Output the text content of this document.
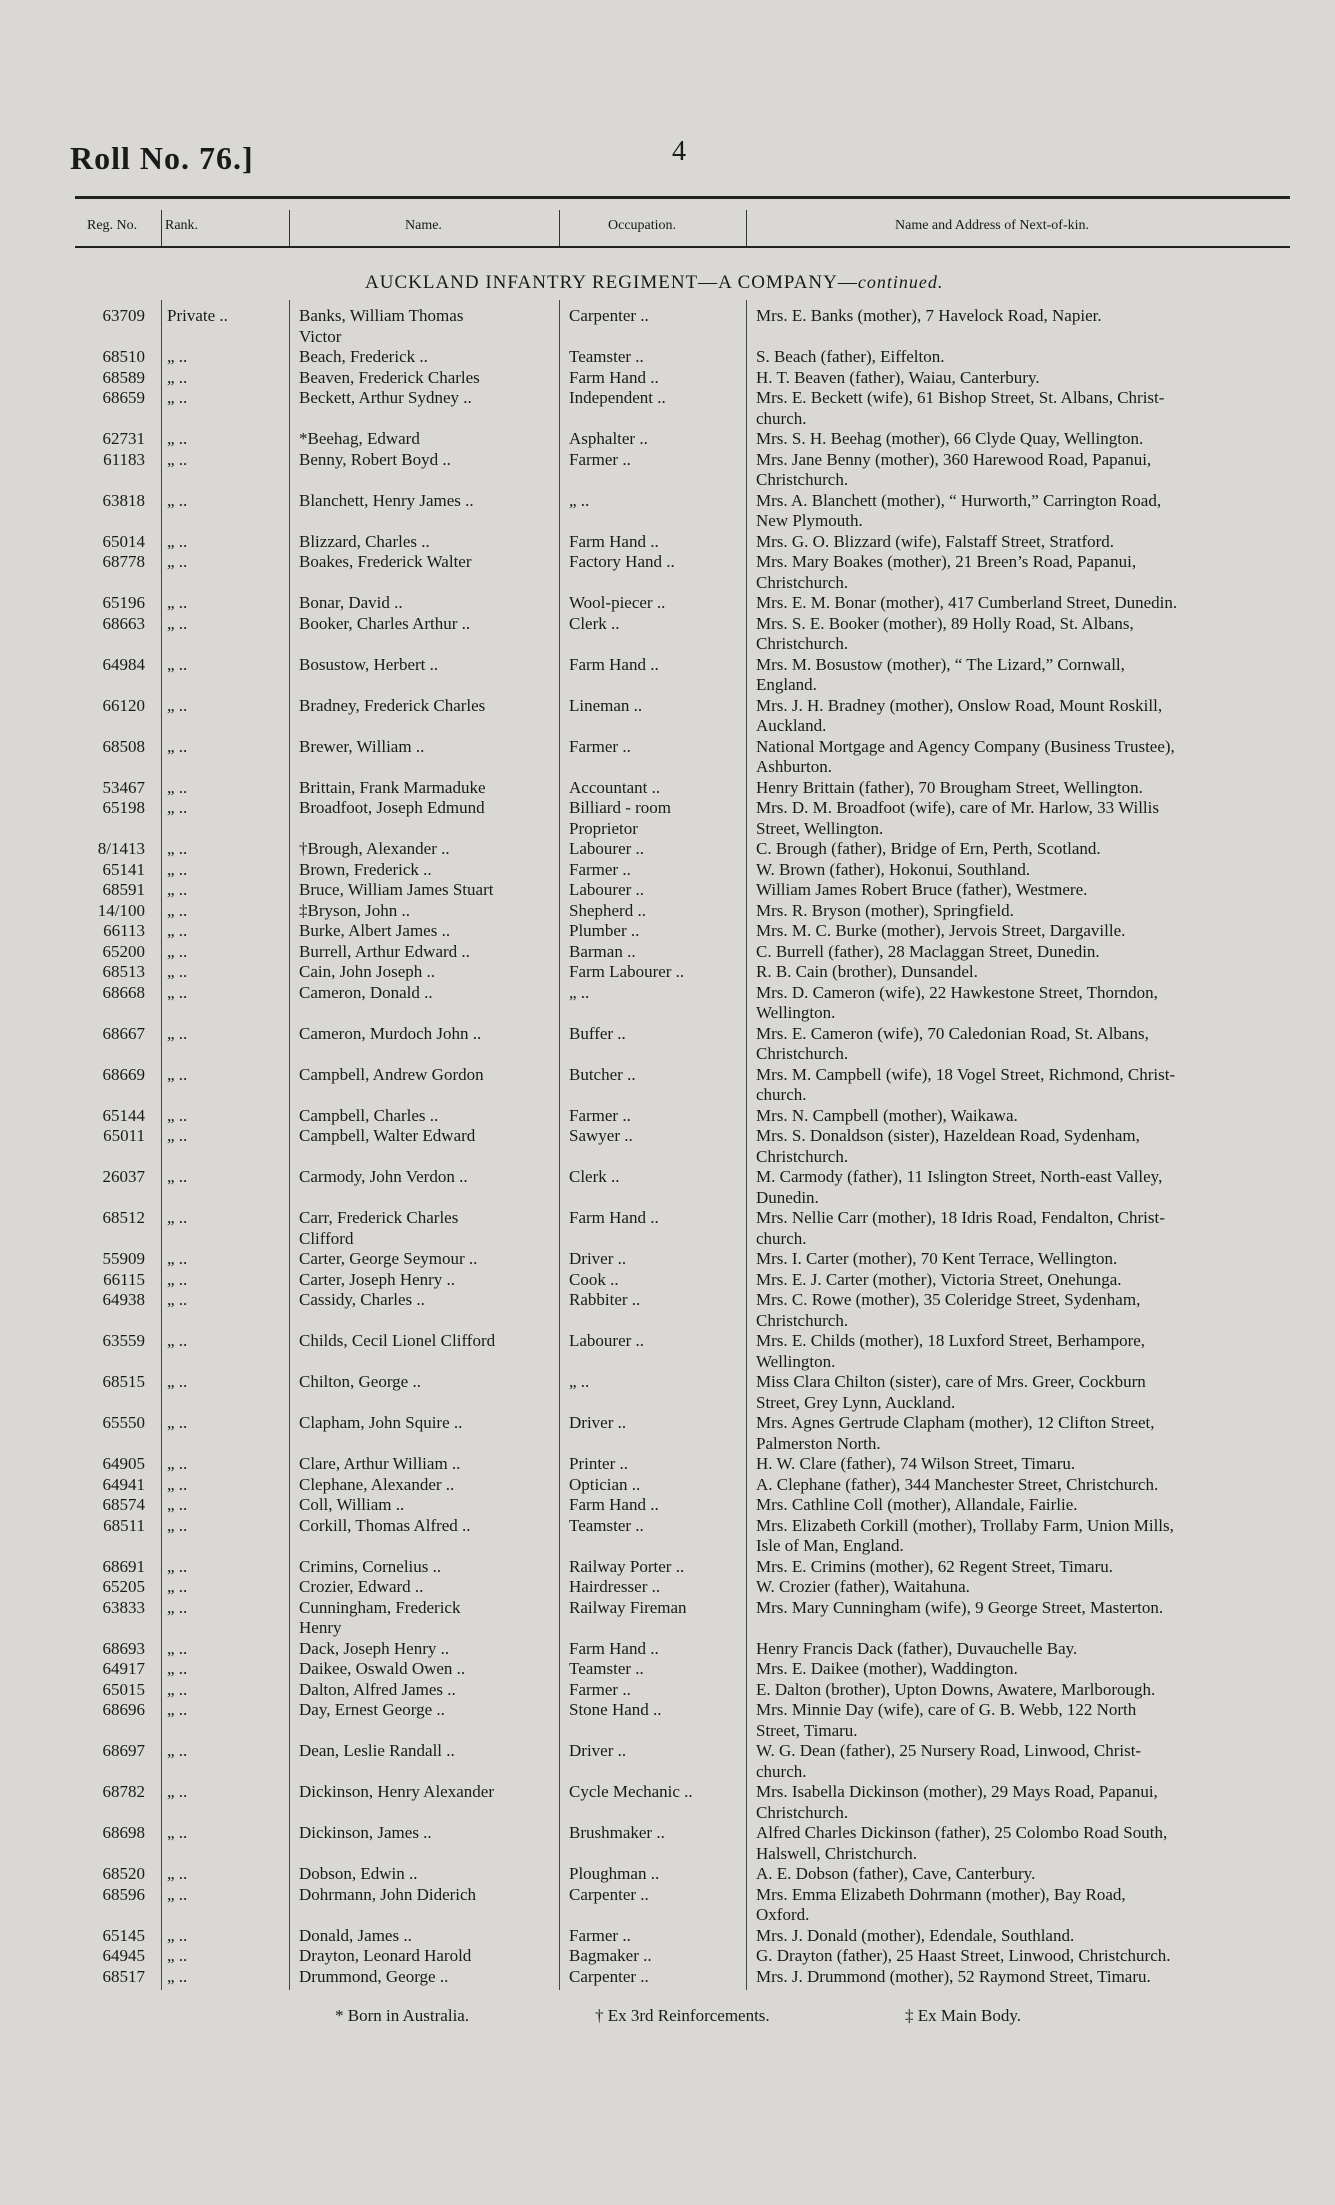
Roll No. 76.]	4
Reg. No. Rank.	Name.	Occupation.	Name and Address of Next-of-kin.
AUCKLAND INFANTRY REGIMENT—A COMPANY—continued.
63709 Private ..	Banks, William Thomas	Carpenter ..	Mrs. E. Banks (mother), 7 Havelock Road, Napier.
Victor
68510 „ ..	Beach, Frederick ..	Teamster ..	S. Beach (father), Eiffelton.
68589 „ ..	Beaven, Frederick Charles	Farm Hand ..	H. T. Beaven (father), Waiau, Canterbury.
68659 „ ..	Beckett, Arthur Sydney ..	Independent ..	Mrs. E. Beckett (wife), 61 Bishop Street, St. Albans, Christ-
church.
62731 „ ..	*Beehag, Edward	Asphalter ..	Mrs. S. H. Beehag (mother), 66 Clyde Quay, Wellington.
61183 „ ..	Benny, Robert Boyd ..	Farmer ..	Mrs. Jane Benny (mother), 360 Harewood Road, Papanui,
Christchurch.
63818 „ ..	Blanchett, Henry James ..	„ ..	Mrs. A. Blanchett (mother), “ Hurworth,” Carrington Road,
New Plymouth.
65014 „ ..	Blizzard, Charles ..	Farm Hand ..	Mrs. G. O. Blizzard (wife), Falstaff Street, Stratford.
68778 „ ..	Boakes, Frederick Walter	Factory Hand ..	Mrs. Mary Boakes (mother), 21 Breen’s Road, Papanui,
Christchurch.
65196 „ ..	Bonar, David ..	Wool-piecer ..	Mrs. E. M. Bonar (mother), 417 Cumberland Street, Dunedin.
68663 „ ..	Booker, Charles Arthur ..	Clerk ..	Mrs. S. E. Booker (mother), 89 Holly Road, St. Albans,
Christchurch.
64984 „ ..	Bosustow, Herbert ..	Farm Hand ..	Mrs. M. Bosustow (mother), “ The Lizard,” Cornwall,
England.
66120 „ ..	Bradney, Frederick Charles	Lineman ..	Mrs. J. H. Bradney (mother), Onslow Road, Mount Roskill,
Auckland.
68508 „ ..	Brewer, William ..	Farmer ..	National Mortgage and Agency Company (Business Trustee),
Ashburton.
53467 „ ..	Brittain, Frank Marmaduke	Accountant ..	Henry Brittain (father), 70 Brougham Street, Wellington.
65198 „ ..	Broadfoot, Joseph Edmund	Billiard - room	Mrs. D. M. Broadfoot (wife), care of Mr. Harlow, 33 Willis
Proprietor	Street, Wellington.
8/1413 „ ..	†Brough, Alexander ..	Labourer ..	C. Brough (father), Bridge of Ern, Perth, Scotland.
65141 „ ..	Brown, Frederick ..	Farmer ..	W. Brown (father), Hokonui, Southland.
68591 „ ..	Bruce, William James Stuart	Labourer ..	William James Robert Bruce (father), Westmere.
14/100 „ ..	‡Bryson, John ..	Shepherd ..	Mrs. R. Bryson (mother), Springfield.
66113 „ ..	Burke, Albert James ..	Plumber ..	Mrs. M. C. Burke (mother), Jervois Street, Dargaville.
65200 „ ..	Burrell, Arthur Edward ..	Barman ..	C. Burrell (father), 28 Maclaggan Street, Dunedin.
68513 „ ..	Cain, John Joseph ..	Farm Labourer ..	R. B. Cain (brother), Dunsandel.
68668 „ ..	Cameron, Donald ..	„ ..	Mrs. D. Cameron (wife), 22 Hawkestone Street, Thorndon,
Wellington.
68667 „ ..	Cameron, Murdoch John ..	Buffer ..	Mrs. E. Cameron (wife), 70 Caledonian Road, St. Albans,
Christchurch.
68669 „ ..	Campbell, Andrew Gordon	Butcher ..	Mrs. M. Campbell (wife), 18 Vogel Street, Richmond, Christ-
church.
65144 „ ..	Campbell, Charles ..	Farmer ..	Mrs. N. Campbell (mother), Waikawa.
65011 „ ..	Campbell, Walter Edward	Sawyer ..	Mrs. S. Donaldson (sister), Hazeldean Road, Sydenham,
Christchurch.
26037 „ ..	Carmody, John Verdon ..	Clerk ..	M. Carmody (father), 11 Islington Street, North-east Valley,
Dunedin.
68512 „ ..	Carr, Frederick Charles	Farm Hand ..	Mrs. Nellie Carr (mother), 18 Idris Road, Fendalton, Christ-
Clifford	church.
55909 „ ..	Carter, George Seymour ..	Driver ..	Mrs. I. Carter (mother), 70 Kent Terrace, Wellington.
66115 „ ..	Carter, Joseph Henry ..	Cook ..	Mrs. E. J. Carter (mother), Victoria Street, Onehunga.
64938 „ ..	Cassidy, Charles ..	Rabbiter ..	Mrs. C. Rowe (mother), 35 Coleridge Street, Sydenham,
Christchurch.
63559 „ ..	Childs, Cecil Lionel Clifford	Labourer ..	Mrs. E. Childs (mother), 18 Luxford Street, Berhampore,
Wellington.
68515 „ ..	Chilton, George ..	„ ..	Miss Clara Chilton (sister), care of Mrs. Greer, Cockburn
Street, Grey Lynn, Auckland.
65550 „ ..	Clapham, John Squire ..	Driver ..	Mrs. Agnes Gertrude Clapham (mother), 12 Clifton Street,
Palmerston North.
64905 „ ..	Clare, Arthur William ..	Printer ..	H. W. Clare (father), 74 Wilson Street, Timaru.
64941 „ ..	Clephane, Alexander ..	Optician ..	A. Clephane (father), 344 Manchester Street, Christchurch.
68574 „ ..	Coll, William ..	Farm Hand ..	Mrs. Cathline Coll (mother), Allandale, Fairlie.
68511 „ ..	Corkill, Thomas Alfred ..	Teamster ..	Mrs. Elizabeth Corkill (mother), Trollaby Farm, Union Mills,
Isle of Man, England.
68691 „ ..	Crimins, Cornelius ..	Railway Porter ..	Mrs. E. Crimins (mother), 62 Regent Street, Timaru.
65205 „ ..	Crozier, Edward ..	Hairdresser ..	W. Crozier (father), Waitahuna.
63833 „ ..	Cunningham, Frederick	Railway Fireman	Mrs. Mary Cunningham (wife), 9 George Street, Masterton.
Henry
68693 „ ..	Dack, Joseph Henry ..	Farm Hand ..	Henry Francis Dack (father), Duvauchelle Bay.
64917 „ ..	Daikee, Oswald Owen ..	Teamster ..	Mrs. E. Daikee (mother), Waddington.
65015 „ ..	Dalton, Alfred James ..	Farmer ..	E. Dalton (brother), Upton Downs, Awatere, Marlborough.
68696 „ ..	Day, Ernest George ..	Stone Hand ..	Mrs. Minnie Day (wife), care of G. B. Webb, 122 North
Street, Timaru.
68697 „ ..	Dean, Leslie Randall ..	Driver ..	W. G. Dean (father), 25 Nursery Road, Linwood, Christ-
church.
68782 „ ..	Dickinson, Henry Alexander	Cycle Mechanic ..	Mrs. Isabella Dickinson (mother), 29 Mays Road, Papanui,
Christchurch.
68698 „ ..	Dickinson, James ..	Brushmaker ..	Alfred Charles Dickinson (father), 25 Colombo Road South,
Halswell, Christchurch.
68520 „ ..	Dobson, Edwin ..	Ploughman ..	A. E. Dobson (father), Cave, Canterbury.
68596 „ ..	Dohrmann, John Diderich	Carpenter ..	Mrs. Emma Elizabeth Dohrmann (mother), Bay Road,
Oxford.
65145 „ ..	Donald, James ..	Farmer ..	Mrs. J. Donald (mother), Edendale, Southland.
64945 „ ..	Drayton, Leonard Harold	Bagmaker ..	G. Drayton (father), 25 Haast Street, Linwood, Christchurch.
68517 „ ..	Drummond, George ..	Carpenter ..	Mrs. J. Drummond (mother), 52 Raymond Street, Timaru.
* Born in Australia.	† Ex 3rd Reinforcements.	‡ Ex Main Body.
